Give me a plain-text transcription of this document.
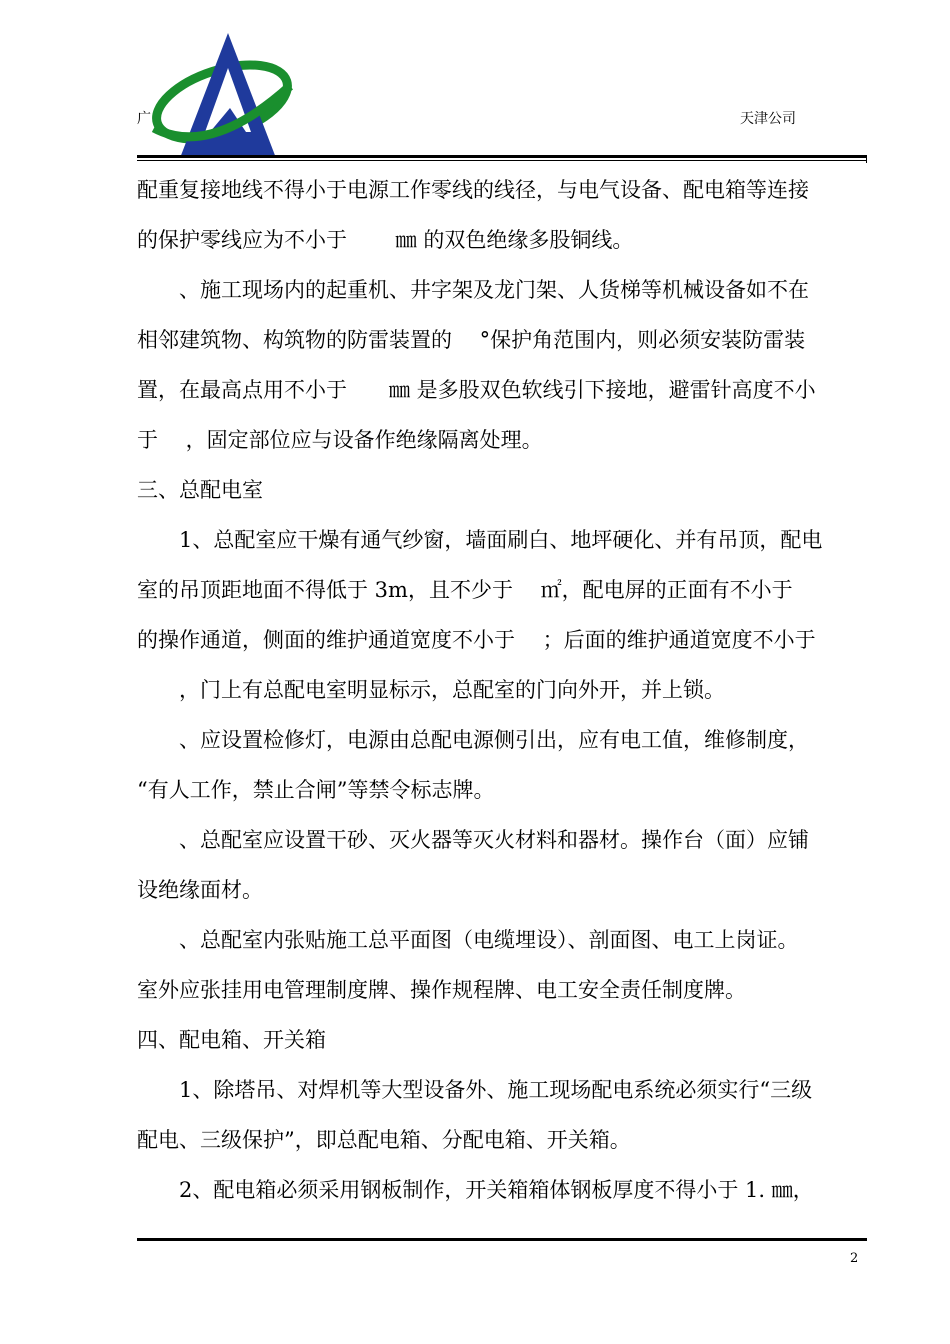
广	天津公司
配重复接地线不得小于电源工作零线的线径，与电气设备、配电箱等连接
的保护零线应为不小于　　 ㎜ 的双色绝缘多股铜线。
　　、施工现场内的起重机、井字架及龙门架、人货梯等机械设备如不在
相邻建筑物、构筑物的防雷装置的　 °保护角范围内，则必须安装防雷装
置，在最高点用不小于　　㎜ 是多股双色软线引下接地，避雷针高度不小
于　 ，固定部位应与设备作绝缘隔离处理。
三、总配电室
　　1、总配室应干燥有通气纱窗，墙面刷白、地坪硬化、并有吊顶，配电
室的吊顶距地面不得低于 3m，且不少于　 ㎡，配电屏的正面有不小于
的操作通道，侧面的维护通道宽度不小于　 ；后面的维护通道宽度不小于
　　，门上有总配电室明显标示，总配室的门向外开，并上锁。
　　、应设置检修灯，电源由总配电源侧引出，应有电工值，维修制度，
“有人工作，禁止合闸”等禁令标志牌。
　　、总配室应设置干砂、灭火器等灭火材料和器材。操作台（面）应铺
设绝缘面材。
　　、总配室内张贴施工总平面图（电缆埋设）、剖面图、电工上岗证。
室外应张挂用电管理制度牌、操作规程牌、电工安全责任制度牌。
四、配电箱、开关箱
　　1、除塔吊、对焊机等大型设备外、施工现场配电系统必须实行“三级
配电、三级保护”，即总配电箱、分配电箱、开关箱。
　　2、配电箱必须采用钢板制作，开关箱箱体钢板厚度不得小于 1. ㎜，
2
